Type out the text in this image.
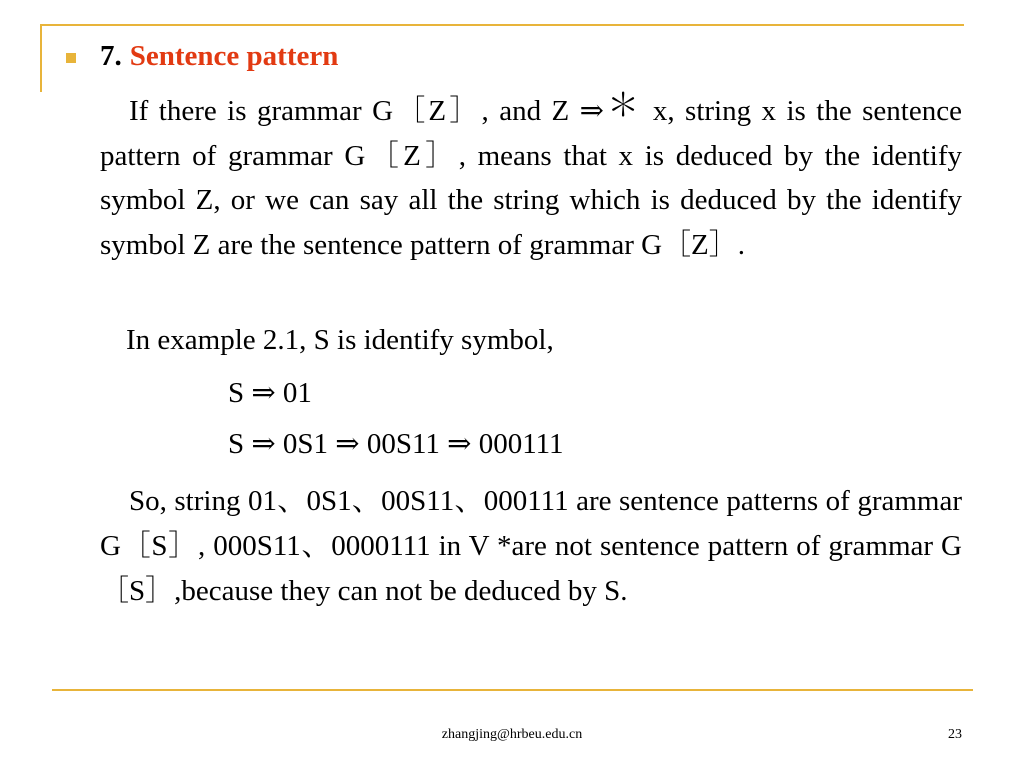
7. Sentence pattern

 If there is grammar G［Z］, and Z ⇒＊ x, string x is the sentence pattern of grammar G［Z］, means that x is deduced by the identify symbol Z, or we can say all the string which is deduced by the identify symbol Z are the sentence pattern of grammar G［Z］.

In example 2.1, S is identify symbol,

S ⇒ 01

S ⇒ 0S1 ⇒ 00S11 ⇒ 000111

 So, string 01、0S1、00S11、000111 are sentence patterns of grammar G［S］, 000S11、0000111 in V *are not sentence pattern of grammar G［S］,because they can not be deduced by S.

zhangjing@hrbeu.edu.cn	23
